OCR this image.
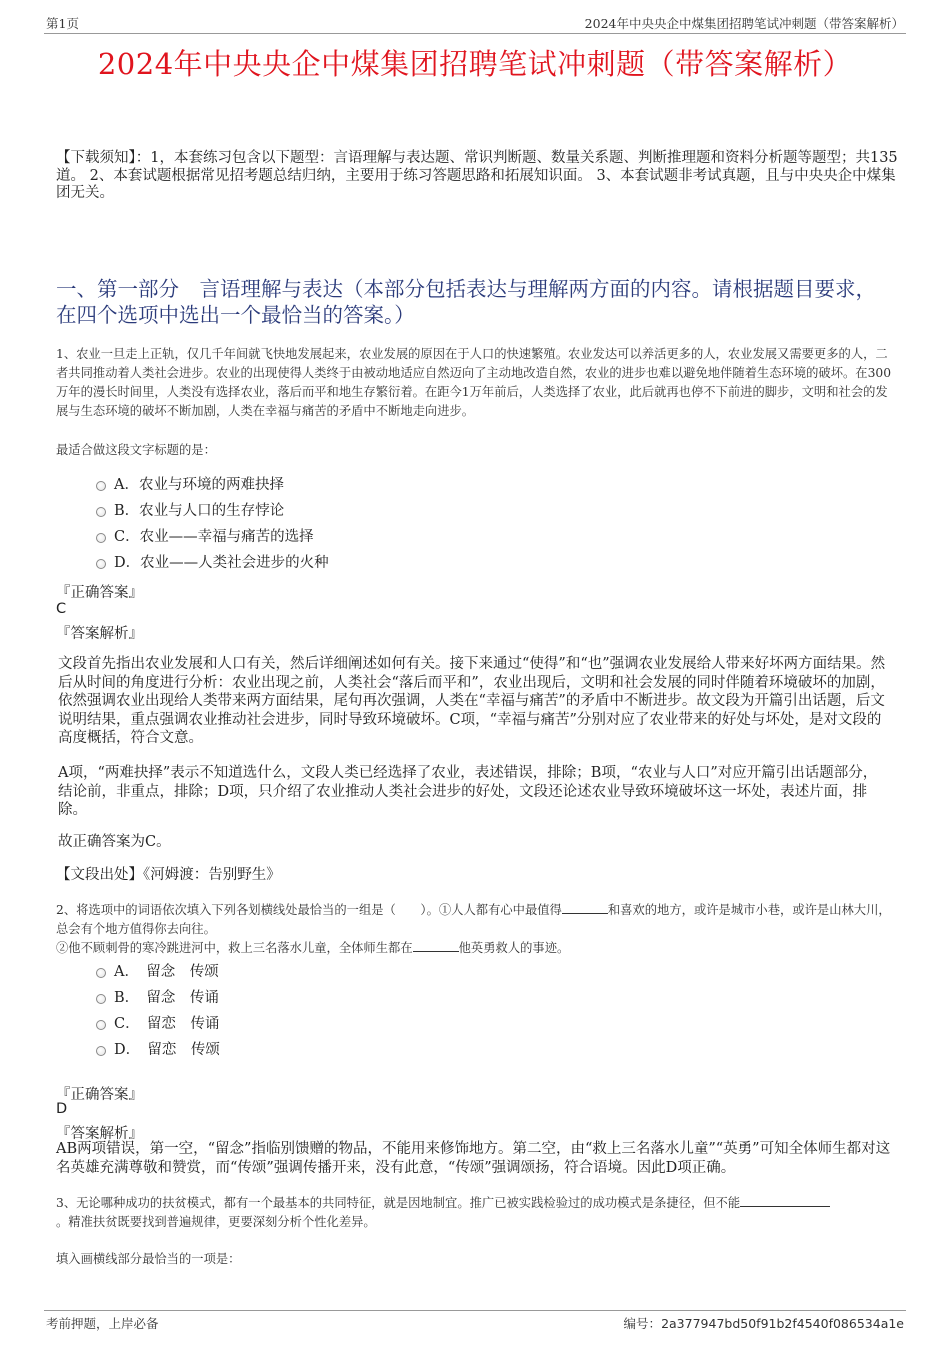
第1页	2024年中央央企中煤集团招聘笔试冲刺题（带答案解析）
2024年中央央企中煤集团招聘笔试冲刺题（带答案解析）
【下载须知】：1，本套练习包含以下题型：言语理解与表达题、常识判断题、数量关系题、判断推理题和资料分析题等题型；共135道。 2、本套试题根据常见招考题总结归纳，主要用于练习答题思路和拓展知识面。 3、本套试题非考试真题，且与中央央企中煤集团无关。
一、第一部分　言语理解与表达（本部分包括表达与理解两方面的内容。请根据题目要求，在四个选项中选出一个最恰当的答案。）
1、农业一旦走上正轨，仅几千年间就飞快地发展起来，农业发展的原因在于人口的快速繁殖。农业发达可以养活更多的人，农业发展又需要更多的人，二者共同推动着人类社会进步。农业的出现使得人类终于由被动地适应自然迈向了主动地改造自然，农业的进步也难以避免地伴随着生态环境的破坏。在300万年的漫长时间里，人类没有选择农业，落后而平和地生存繁衍着。在距今1万年前后，人类选择了农业，此后就再也停不下前进的脚步，文明和社会的发展与生态环境的破坏不断加剧，人类在幸福与痛苦的矛盾中不断地走向进步。
最适合做这段文字标题的是：
A．农业与环境的两难抉择
B．农业与人口的生存悖论
C．农业——幸福与痛苦的选择
D．农业——人类社会进步的火种
『正确答案』
C
『答案解析』
文段首先指出农业发展和人口有关，然后详细阐述如何有关。接下来通过“使得”和“也”强调农业发展给人带来好坏两方面结果。然后从时间的角度进行分析：农业出现之前，人类社会“落后而平和”，农业出现后，文明和社会发展的同时伴随着环境破坏的加剧，依然强调农业出现给人类带来两方面结果，尾句再次强调，人类在“幸福与痛苦”的矛盾中不断进步。故文段为开篇引出话题，后文说明结果，重点强调农业推动社会进步，同时导致环境破坏。C项，“幸福与痛苦”分别对应了农业带来的好处与坏处，是对文段的高度概括，符合文意。
A项，“两难抉择”表示不知道选什么，文段人类已经选择了农业，表述错误，排除；B项，“农业与人口”对应开篇引出话题部分，结论前，非重点，排除；D项，只介绍了农业推动人类社会进步的好处，文段还论述农业导致环境破坏这一坏处，表述片面，排除。
故正确答案为C。
【文段出处】《河姆渡：告别野生》
2、将选项中的词语依次填入下列各划横线处最恰当的一组是（　　）。①人人都有心中最值得	和喜欢的地方，或许是城市小巷，或许是山林大川，总会有个地方值得你去向往。
②他不顾刺骨的寒冷跳进河中，救上三名落水儿童，全体师生都在	他英勇救人的事迹。
A．　留念　传颂
B．　留念　传诵
C．　留恋　传诵
D．　留恋　传颂
『正确答案』
D
『答案解析』
AB两项错误，第一空，“留念”指临别馈赠的物品，不能用来修饰地方。第二空，由“救上三名落水儿童”“英勇”可知全体师生都对这名英雄充满尊敬和赞赏，而“传颂”强调传播开来，没有此意，“传颂”强调颂扬，符合语境。因此D项正确。
3、无论哪种成功的扶贫模式，都有一个最基本的共同特征，就是因地制宜。推广已被实践检验过的成功模式是条捷径，但不能
。精准扶贫既要找到普遍规律，更要深刻分析个性化差异。
填入画横线部分最恰当的一项是：
考前押题，上岸必备	编号：2a377947bd50f91b2f4540f086534a1e
